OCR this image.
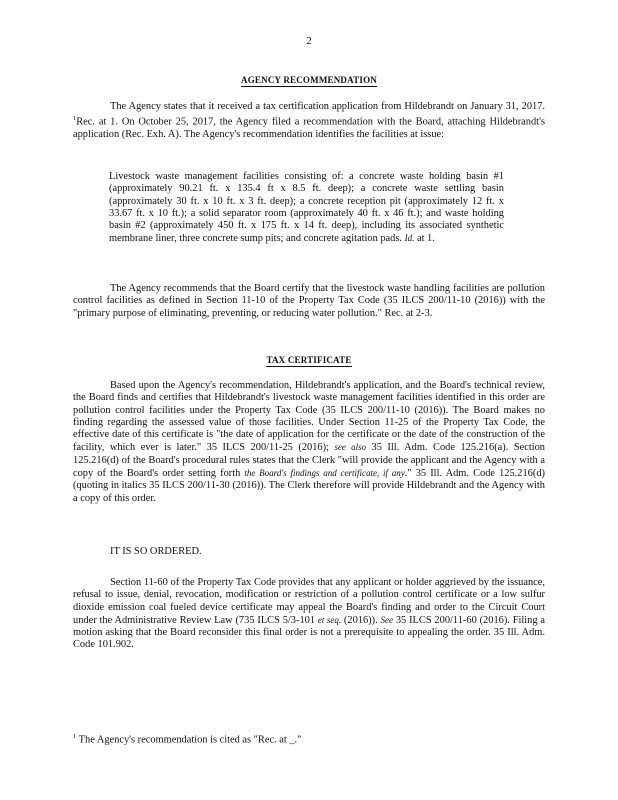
2
AGENCY RECOMMENDATION
The Agency states that it received a tax certification application from Hildebrandt on January 31, 2017. $^1$Rec. at 1. On October 25, 2017, the Agency filed a recommendation with the Board, attaching Hildebrandt's application (Rec. Exh. A). The Agency's recommendation identifies the facilities at issue:
Livestock waste management facilities consisting of: a concrete waste holding basin #1 (approximately 90.21 ft. x 135.4 ft x 8.5 ft. deep); a concrete waste settling basin (approximately 30 ft. x 10 ft. x 3 ft. deep); a concrete reception pit (approximately 12 ft. x 33.67 ft. x 10 ft.); a solid separator room (approximately 40 ft. x 46 ft.); and waste holding basin #2 (approximately 450 ft. x 175 ft. x 14 ft. deep), including its associated synthetic membrane liner, three concrete sump pits; and concrete agitation pads. Id. at 1.
The Agency recommends that the Board certify that the livestock waste handling facilities are pollution control facilities as defined in Section 11-10 of the Property Tax Code (35 ILCS 200/11-10 (2016)) with the "primary purpose of eliminating, preventing, or reducing water pollution." Rec. at 2-3.
TAX CERTIFICATE
Based upon the Agency's recommendation, Hildebrandt's application, and the Board's technical review, the Board finds and certifies that Hildebrandt's livestock waste management facilities identified in this order are pollution control facilities under the Property Tax Code (35 ILCS 200/11-10 (2016)). The Board makes no finding regarding the assessed value of those facilities. Under Section 11-25 of the Property Tax Code, the effective date of this certificate is "the date of application for the certificate or the date of the construction of the facility, which ever is later." 35 ILCS 200/11-25 (2016); see also 35 Ill. Adm. Code 125.216(a). Section 125.216(d) of the Board's procedural rules states that the Clerk "will provide the applicant and the Agency with a copy of the Board's order setting forth the Board's findings and certificate, if any." 35 Ill. Adm. Code 125.216(d) (quoting in italics 35 ILCS 200/11-30 (2016)). The Clerk therefore will provide Hildebrandt and the Agency with a copy of this order.
IT IS SO ORDERED.
Section 11-60 of the Property Tax Code provides that any applicant or holder aggrieved by the issuance, refusal to issue, denial, revocation, modification or restriction of a pollution control certificate or a low sulfur dioxide emission coal fueled device certificate may appeal the Board's finding and order to the Circuit Court under the Administrative Review Law (735 ILCS 5/3-101 et seq. (2016)). See 35 ILCS 200/11-60 (2016). Filing a motion asking that the Board reconsider this final order is not a prerequisite to appealing the order. 35 Ill. Adm. Code 101.902.
$^1$ The Agency's recommendation is cited as "Rec. at _."
